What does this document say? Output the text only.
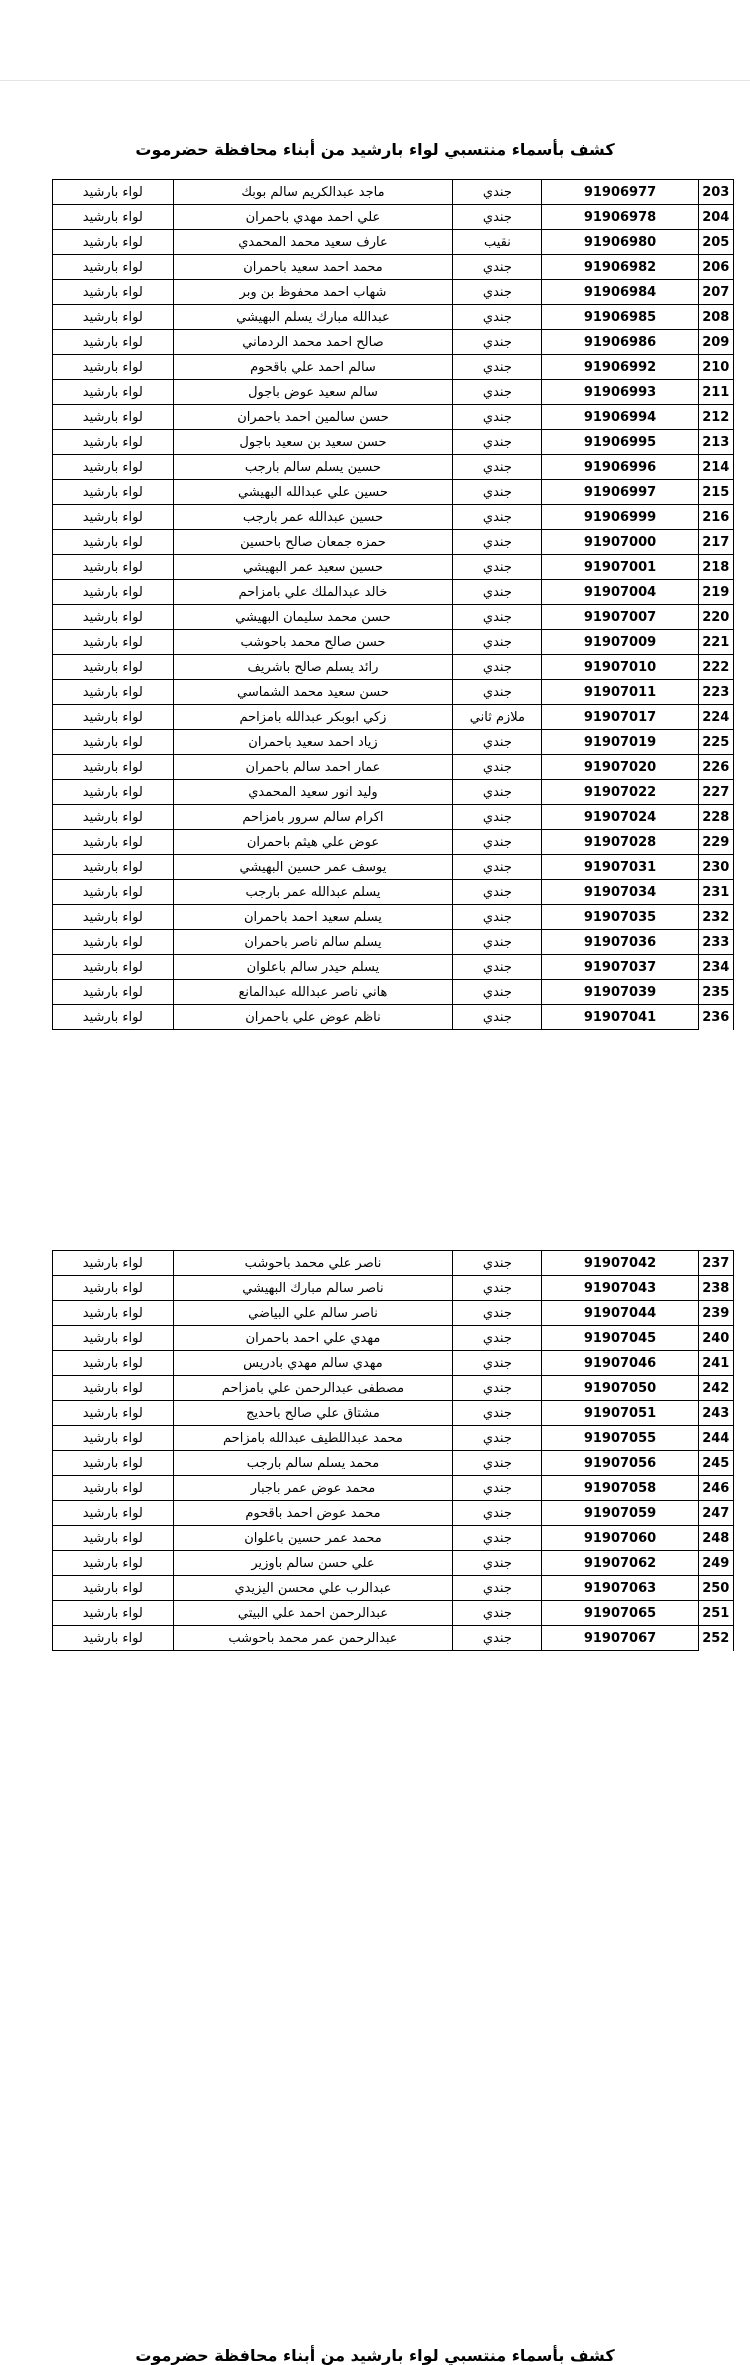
كشف بأسماء منتسبي لواء بارشيد من أبناء محافظة حضرموت
203	91906977	جندي	ماجد عبدالكريم سالم بوبك	لواء بارشيد
204	91906978	جندي	علي احمد مهدي باحمران	لواء بارشيد
205	91906980	نقيب	عارف سعيد محمد المحمدي	لواء بارشيد
206	91906982	جندي	محمد احمد سعيد باحمران	لواء بارشيد
207	91906984	جندي	شهاب احمد محفوظ بن وبر	لواء بارشيد
208	91906985	جندي	عبدالله مبارك يسلم البهيشي	لواء بارشيد
209	91906986	جندي	صالح احمد محمد الردماني	لواء بارشيد
210	91906992	جندي	سالم احمد علي باقحوم	لواء بارشيد
211	91906993	جندي	سالم سعيد عوض باجول	لواء بارشيد
212	91906994	جندي	حسن سالمين احمد باحمران	لواء بارشيد
213	91906995	جندي	حسن سعيد بن سعيد باجول	لواء بارشيد
214	91906996	جندي	حسين يسلم سالم بارجب	لواء بارشيد
215	91906997	جندي	حسين علي عبدالله البهيشي	لواء بارشيد
216	91906999	جندي	حسين عبدالله عمر بارجب	لواء بارشيد
217	91907000	جندي	حمزه جمعان صالح باحسين	لواء بارشيد
218	91907001	جندي	حسين سعيد عمر البهيشي	لواء بارشيد
219	91907004	جندي	خالد عبدالملك علي بامزاحم	لواء بارشيد
220	91907007	جندي	حسن محمد سليمان البهيشي	لواء بارشيد
221	91907009	جندي	حسن صالح محمد باحوشب	لواء بارشيد
222	91907010	جندي	رائد يسلم صالح باشريف	لواء بارشيد
223	91907011	جندي	حسن سعيد محمد الشماسي	لواء بارشيد
224	91907017	ملازم ثاني	زكي ابوبكر عبدالله بامزاحم	لواء بارشيد
225	91907019	جندي	زياد احمد سعيد باحمران	لواء بارشيد
226	91907020	جندي	عمار احمد سالم باحمران	لواء بارشيد
227	91907022	جندي	وليد انور سعيد المحمدي	لواء بارشيد
228	91907024	جندي	اكرام سالم سرور بامزاحم	لواء بارشيد
229	91907028	جندي	عوض علي هيثم باحمران	لواء بارشيد
230	91907031	جندي	يوسف عمر حسين البهيشي	لواء بارشيد
231	91907034	جندي	يسلم عبدالله عمر بارجب	لواء بارشيد
232	91907035	جندي	يسلم سعيد احمد باحمران	لواء بارشيد
233	91907036	جندي	يسلم سالم ناصر باحمران	لواء بارشيد
234	91907037	جندي	يسلم حيدر سالم باعلوان	لواء بارشيد
235	91907039	جندي	هاني ناصر عبدالله عبدالمانع	لواء بارشيد
236	91907041	جندي	ناظم عوض علي باحمران	لواء بارشيد
كشف بأسماء منتسبي لواء بارشيد من أبناء محافظة حضرموت
237	91907042	جندي	ناصر علي محمد باحوشب	لواء بارشيد
238	91907043	جندي	ناصر سالم مبارك البهيشي	لواء بارشيد
239	91907044	جندي	ناصر سالم علي البياضي	لواء بارشيد
240	91907045	جندي	مهدي علي احمد باحمران	لواء بارشيد
241	91907046	جندي	مهدي سالم مهدي بادريس	لواء بارشيد
242	91907050	جندي	مصطفى عبدالرحمن علي بامزاحم	لواء بارشيد
243	91907051	جندي	مشتاق علي صالح باحديج	لواء بارشيد
244	91907055	جندي	محمد عبداللطيف عبدالله بامزاحم	لواء بارشيد
245	91907056	جندي	محمد يسلم سالم بارجب	لواء بارشيد
246	91907058	جندي	محمد عوض عمر باجبار	لواء بارشيد
247	91907059	جندي	محمد عوض احمد باقحوم	لواء بارشيد
248	91907060	جندي	محمد عمر حسين باعلوان	لواء بارشيد
249	91907062	جندي	علي حسن سالم باوزير	لواء بارشيد
250	91907063	جندي	عبدالرب علي محسن اليزيدي	لواء بارشيد
251	91907065	جندي	عبدالرحمن احمد علي البيتي	لواء بارشيد
252	91907067	جندي	عبدالرحمن عمر محمد باحوشب	لواء بارشيد
